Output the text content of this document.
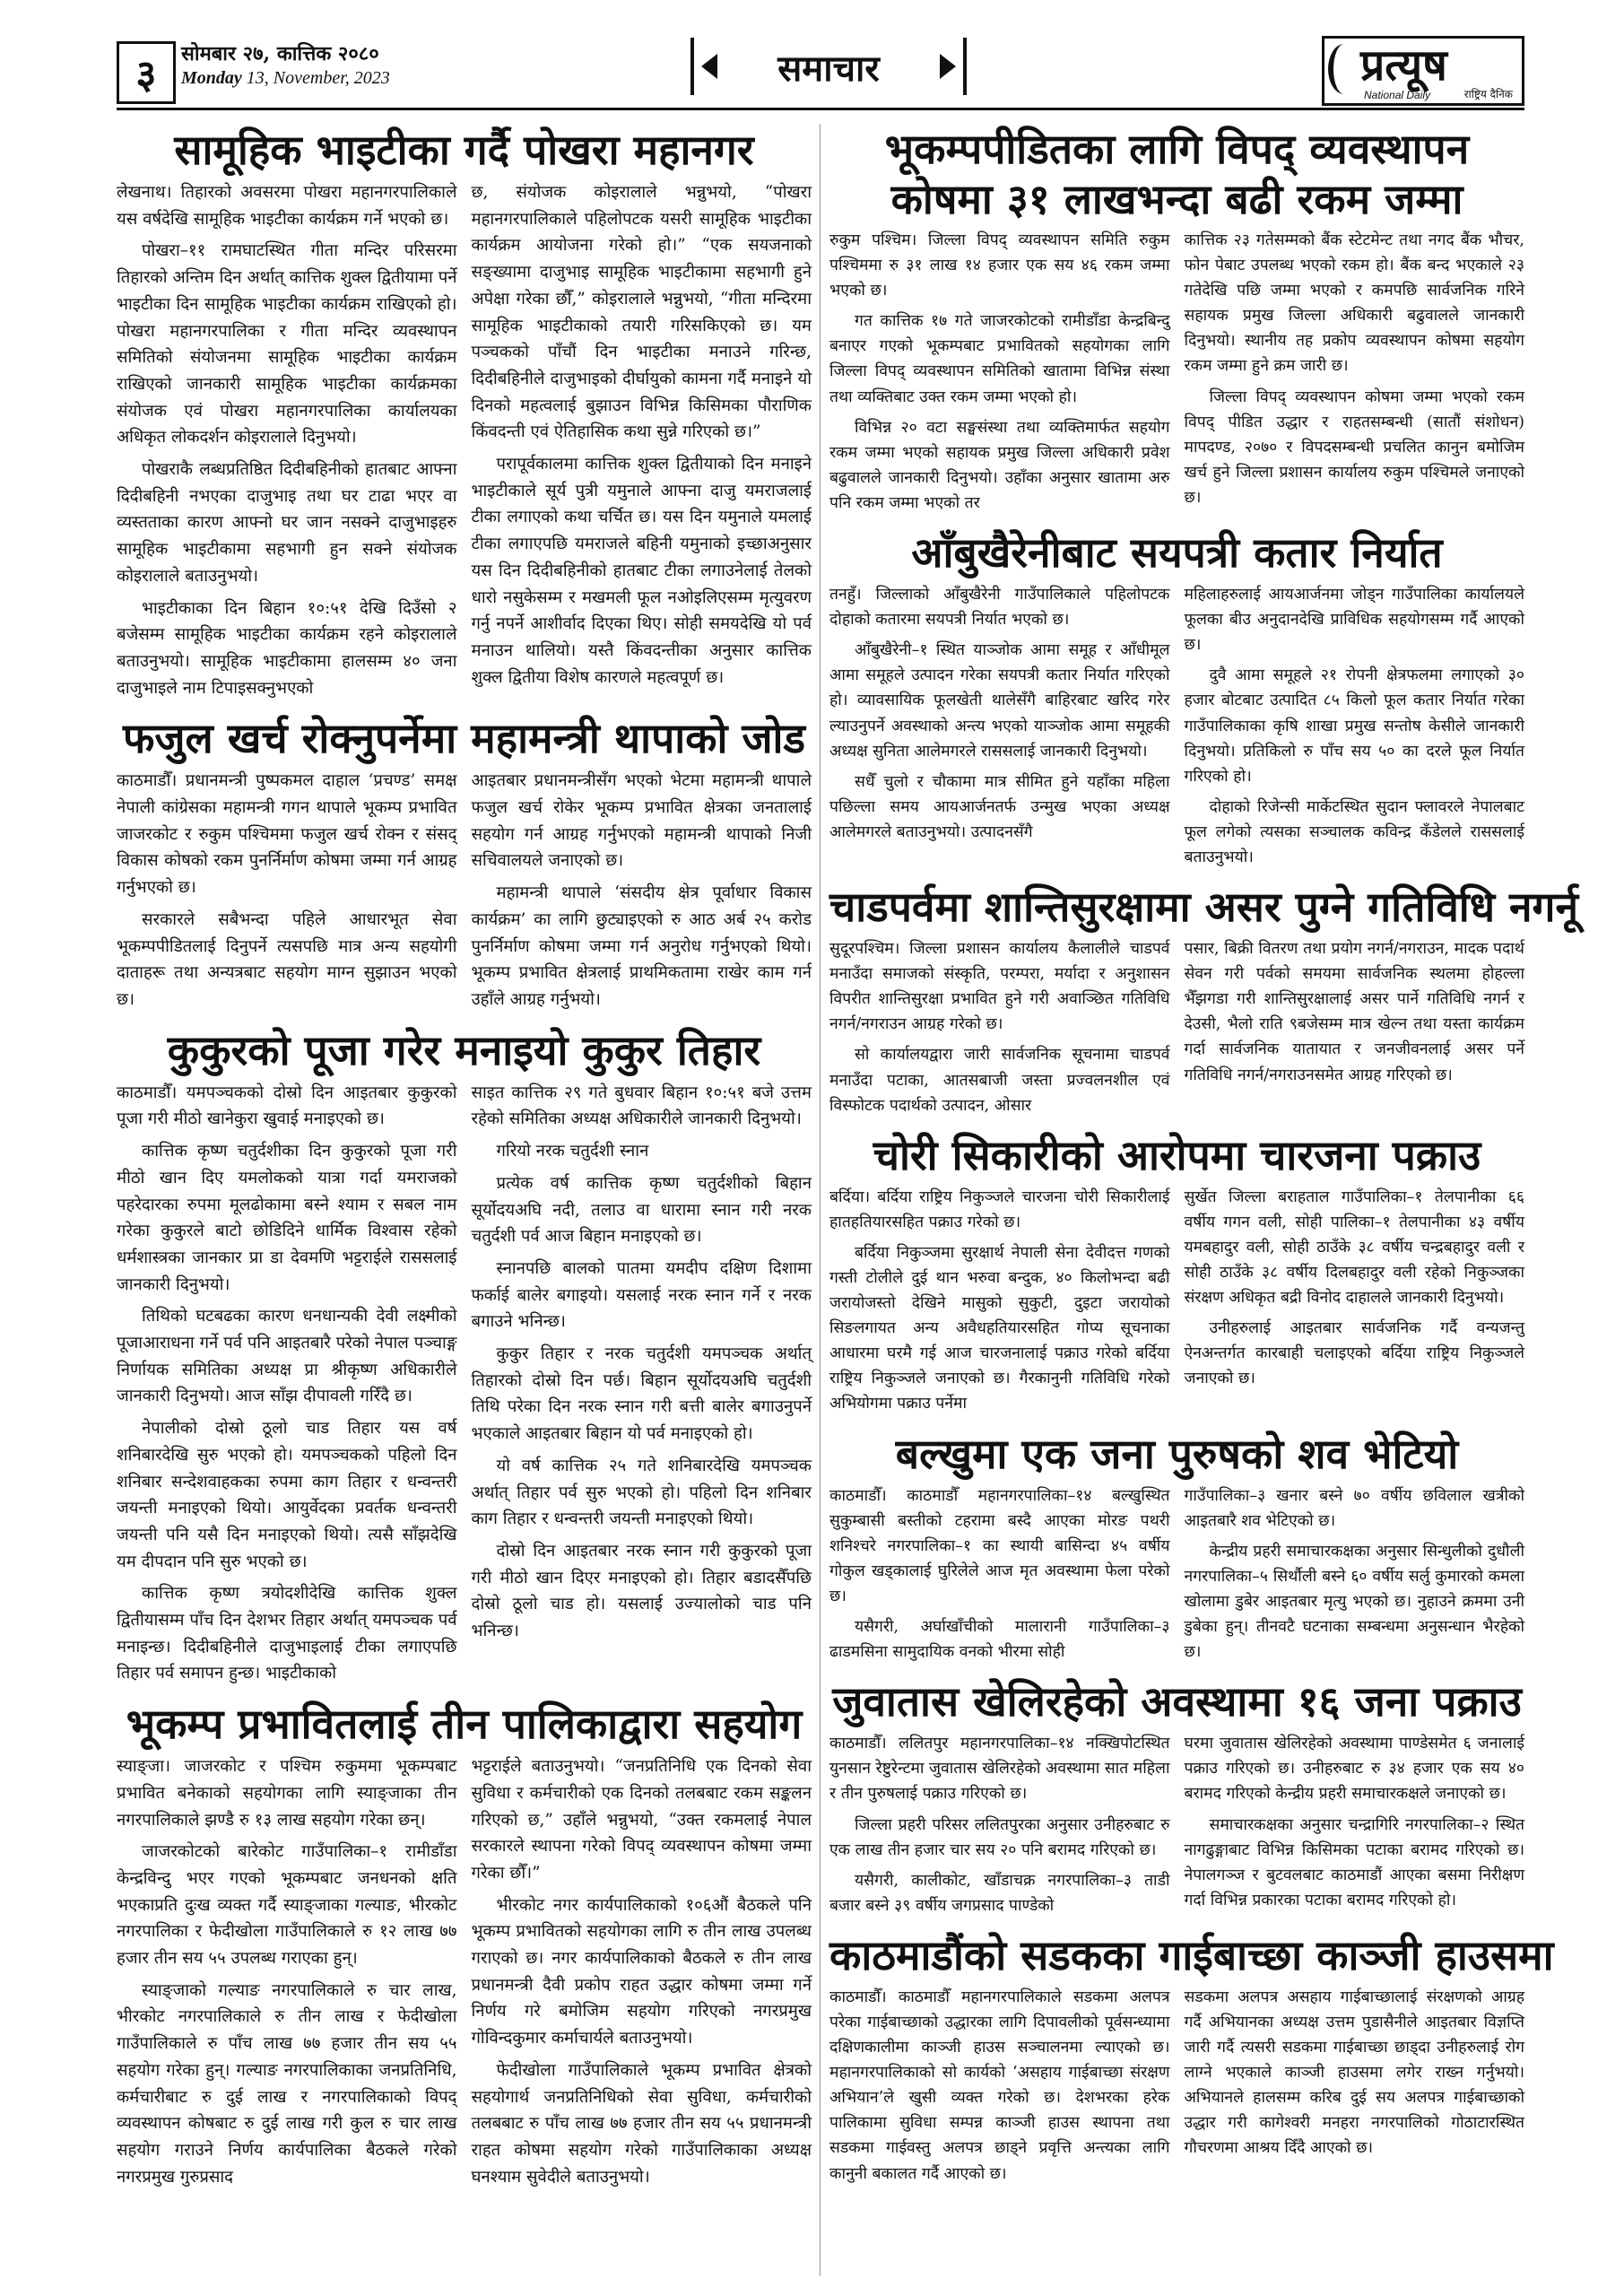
३	सोमबार २७, कात्तिक २०८०
Monday 13, November, 2023	समाचार	प्रत्यूष
National Daily	राष्ट्रिय दैनिक
सामूहिक भाइटीका गर्दै पोखरा महानगर

लेखनाथ। तिहारको अवसरमा पोखरा महानगरपालिकाले यस वर्षदेखि सामूहिक भाइटीका कार्यक्रम गर्ने भएको छ।

पोखरा–११ रामघाटस्थित गीता मन्दिर परिसरमा तिहारको अन्तिम दिन अर्थात् कात्तिक शुक्ल द्वितीयामा पर्ने भाइटीका दिन सामूहिक भाइटीका कार्यक्रम राखिएको हो। पोखरा महानगरपालिका र गीता मन्दिर व्यवस्थापन समितिको संयोजनमा सामूहिक भाइटीका कार्यक्रम राखिएको जानकारी सामूहिक भाइटीका कार्यक्रमका संयोजक एवं पोखरा महानगरपालिका कार्यालयका अधिकृत लोकदर्शन कोइरालाले दिनुभयो।

पोखराकै लब्धप्रतिष्ठित दिदीबहिनीको हातबाट आफ्ना दिदीबहिनी नभएका दाजुभाइ तथा घर टाढा भएर वा व्यस्तताका कारण आफ्नो घर जान नसक्ने दाजुभाइहरु सामूहिक भाइटीकामा सहभागी हुन सक्ने संयोजक कोइरालाले बताउनुभयो।

भाइटीकाका दिन बिहान १०:५१ देखि दिउँसो २ बजेसम्म सामूहिक भाइटीका कार्यक्रम रहने कोइरालाले बताउनुभयो। सामूहिक भाइटीकामा हालसम्म ४० जना दाजुभाइले नाम टिपाइसक्नुभएको

छ, संयोजक कोइरालाले भन्नुभयो, “पोखरा महानगरपालिकाले पहिलोपटक यसरी सामूहिक भाइटीका कार्यक्रम आयोजना गरेको हो।” “एक सयजनाको सङ्ख्यामा दाजुभाइ सामूहिक भाइटीकामा सहभागी हुने अपेक्षा गरेका छौँ,” कोइरालाले भन्नुभयो, “गीता मन्दिरमा सामूहिक भाइटीकाको तयारी गरिसकिएको छ। यम पञ्चकको पाँचौं दिन भाइटीका मनाउने गरिन्छ, दिदीबहिनीले दाजुभाइको दीर्घायुको कामना गर्दै मनाइने यो दिनको महत्वलाई बुझाउन विभिन्न किसिमका पौराणिक किंवदन्ती एवं ऐतिहासिक कथा सुन्ने गरिएको छ।”

परापूर्वकालमा कात्तिक शुक्ल द्वितीयाको दिन मनाइने भाइटीकाले सूर्य पुत्री यमुनाले आफ्ना दाजु यमराजलाई टीका लगाएको कथा चर्चित छ। यस दिन यमुनाले यमलाई टीका लगाएपछि यमराजले बहिनी यमुनाको इच्छाअनुसार यस दिन दिदीबहिनीको हातबाट टीका लगाउनेलाई तेलको धारो नसुकेसम्म र मखमली फूल नओइलिएसम्म मृत्युवरण गर्नु नपर्ने आशीर्वाद दिएका थिए। सोही समयदेखि यो पर्व मनाउन थालियो। यस्तै किंवदन्तीका अनुसार कात्तिक शुक्ल द्वितीया विशेष कारणले महत्वपूर्ण छ।

फजुल खर्च रोक्नुपर्नेमा महामन्त्री थापाको जोड

काठमाडौँ। प्रधानमन्त्री पुष्पकमल दाहाल ‘प्रचण्ड’ समक्ष नेपाली कांग्रेसका महामन्त्री गगन थापाले भूकम्प प्रभावित जाजरकोट र रुकुम पश्चिममा फजुल खर्च रोक्न र संसद् विकास कोषको रकम पुनर्निर्माण कोषमा जम्मा गर्न आग्रह गर्नुभएको छ।

सरकारले सबैभन्दा पहिले आधारभूत सेवा भूकम्पपीडितलाई दिनुपर्ने त्यसपछि मात्र अन्य सहयोगी दाताहरू तथा अन्यत्रबाट सहयोग माग्न सुझाउन भएको छ।

आइतबार प्रधानमन्त्रीसँग भएको भेटमा महामन्त्री थापाले फजुल खर्च रोकेर भूकम्प प्रभावित क्षेत्रका जनतालाई सहयोग गर्न आग्रह गर्नुभएको महामन्त्री थापाको निजी सचिवालयले जनाएको छ।

महामन्त्री थापाले ‘संसदीय क्षेत्र पूर्वाधार विकास कार्यक्रम’ का लागि छुट्याइएको रु आठ अर्ब २५ करोड पुनर्निर्माण कोषमा जम्मा गर्न अनुरोध गर्नुभएको थियो। भूकम्प प्रभावित क्षेत्रलाई प्राथमिकतामा राखेर काम गर्न उहाँले आग्रह गर्नुभयो।

कुकुरको पूजा गरेर मनाइयो कुकुर तिहार

काठमाडौँ। यमपञ्चकको दोस्रो दिन आइतबार कुकुरको पूजा गरी मीठो खानेकुरा खुवाई मनाइएको छ।

कात्तिक कृष्ण चतुर्दशीका दिन कुकुरको पूजा गरी मीठो खान दिए यमलोकको यात्रा गर्दा यमराजको पहरेदारका रुपमा मूलढोकामा बस्ने श्याम र सबल नाम गरेका कुकुरले बाटो छोडिदिने धार्मिक विश्वास रहेको धर्मशास्त्रका जानकार प्रा डा देवमणि भट्टराईले राससलाई जानकारी दिनुभयो।

तिथिको घटबढका कारण धनधान्यकी देवी लक्ष्मीको पूजाआराधना गर्ने पर्व पनि आइतबारै परेको नेपाल पञ्चाङ्ग निर्णायक समितिका अध्यक्ष प्रा श्रीकृष्ण अधिकारीले जानकारी दिनुभयो। आज साँझ दीपावली गरिँदै छ।

नेपालीको दोस्रो ठूलो चाड तिहार यस वर्ष शनिबारदेखि सुरु भएको हो। यमपञ्चकको पहिलो दिन शनिबार सन्देशवाहकका रुपमा काग तिहार र धन्वन्तरी जयन्ती मनाइएको थियो। आयुर्वेदका प्रवर्तक धन्वन्तरी जयन्ती पनि यसै दिन मनाइएको थियो। त्यसै साँझदेखि यम दीपदान पनि सुरु भएको छ।

कात्तिक कृष्ण त्रयोदशीदेखि कात्तिक शुक्ल द्वितीयासम्म पाँच दिन देशभर तिहार अर्थात् यमपञ्चक पर्व मनाइन्छ। दिदीबहिनीले दाजुभाइलाई टीका लगाएपछि तिहार पर्व समापन हुन्छ। भाइटीकाको

साइत कात्तिक २९ गते बुधवार बिहान १०:५१ बजे उत्तम रहेको समितिका अध्यक्ष अधिकारीले जानकारी दिनुभयो।

गरियो नरक चतुर्दशी स्नान

प्रत्येक वर्ष कात्तिक कृष्ण चतुर्दशीको बिहान सूर्योदयअघि नदी, तलाउ वा धारामा स्नान गरी नरक चतुर्दशी पर्व आज बिहान मनाइएको छ।

स्नानपछि बालको पातमा यमदीप दक्षिण दिशामा फर्काई बालेर बगाइयो। यसलाई नरक स्नान गर्ने र नरक बगाउने भनिन्छ।

कुकुर तिहार र नरक चतुर्दशी यमपञ्चक अर्थात् तिहारको दोस्रो दिन पर्छ। बिहान सूर्योदयअघि चतुर्दशी तिथि परेका दिन नरक स्नान गरी बत्ती बालेर बगाउनुपर्ने भएकाले आइतबार बिहान यो पर्व मनाइएको हो।

यो वर्ष कात्तिक २५ गते शनिबारदेखि यमपञ्चक अर्थात् तिहार पर्व सुरु भएको हो। पहिलो दिन शनिबार काग तिहार र धन्वन्तरी जयन्ती मनाइएको थियो।

दोस्रो दिन आइतबार नरक स्नान गरी कुकुरको पूजा गरी मीठो खान दिएर मनाइएको हो। तिहार बडादसैँपछि दोस्रो ठूलो चाड हो। यसलाई उज्यालोको चाड पनि भनिन्छ।

भूकम्प प्रभावितलाई तीन पालिकाद्वारा सहयोग

स्याङ्जा। जाजरकोट र पश्चिम रुकुममा भूकम्पबाट प्रभावित बनेकाको सहयोगका लागि स्याङ्जाका तीन नगरपालिकाले झण्डै रु १३ लाख सहयोग गरेका छन्।

जाजरकोटको बारेकोट गाउँपालिका–१ रामीडाँडा केन्द्रविन्दु भएर गएको भूकम्पबाट जनधनको क्षति भएकाप्रति दुःख व्यक्त गर्दै स्याङ्जाका गल्याङ, भीरकोट नगरपालिका र फेदीखोला गाउँपालिकाले रु १२ लाख ७७ हजार तीन सय ५५ उपलब्ध गराएका हुन्।

स्याङ्जाको गल्याङ नगरपालिकाले रु चार लाख, भीरकोट नगरपालिकाले रु तीन लाख र फेदीखोला गाउँपालिकाले रु पाँच लाख ७७ हजार तीन सय ५५ सहयोग गरेका हुन्। गल्याङ नगरपालिकाका जनप्रतिनिधि, कर्मचारीबाट रु दुई लाख र नगरपालिकाको विपद् व्यवस्थापन कोषबाट रु दुई लाख गरी कुल रु चार लाख सहयोग गराउने निर्णय कार्यपालिका बैठकले गरेको नगरप्रमुख गुरुप्रसाद

भट्टराईले बताउनुभयो। “जनप्रतिनिधि एक दिनको सेवा सुविधा र कर्मचारीको एक दिनको तलबबाट रकम सङ्कलन गरिएको छ,” उहाँले भन्नुभयो, “उक्त रकमलाई नेपाल सरकारले स्थापना गरेको विपद् व्यवस्थापन कोषमा जम्मा गरेका छौँ।”

भीरकोट नगर कार्यपालिकाको १०६औं बैठकले पनि भूकम्प प्रभावितको सहयोगका लागि रु तीन लाख उपलब्ध गराएको छ। नगर कार्यपालिकाको बैठकले रु तीन लाख प्रधानमन्त्री दैवी प्रकोप राहत उद्धार कोषमा जम्मा गर्ने निर्णय गरे बमोजिम सहयोग गरिएको नगरप्रमुख गोविन्दकुमार कर्माचार्यले बताउनुभयो।

फेदीखोला गाउँपालिकाले भूकम्प प्रभावित क्षेत्रको सहयोगार्थ जनप्रतिनिधिको सेवा सुविधा, कर्मचारीको तलबबाट रु पाँच लाख ७७ हजार तीन सय ५५ प्रधानमन्त्री राहत कोषमा सहयोग गरेको गाउँपालिकाका अध्यक्ष घनश्याम सुवेदीले बताउनुभयो।

भूकम्पपीडितका लागि विपद् व्यवस्थापन कोषमा ३१ लाखभन्दा बढी रकम जम्मा

रुकुम पश्चिम। जिल्ला विपद् व्यवस्थापन समिति रुकुम पश्चिममा रु ३१ लाख १४ हजार एक सय ४६ रकम जम्मा भएको छ।

गत कात्तिक १७ गते जाजरकोटको रामीडाँडा केन्द्रबिन्दु बनाएर गएको भूकम्पबाट प्रभावितको सहयोगका लागि जिल्ला विपद् व्यवस्थापन समितिको खातामा विभिन्न संस्था तथा व्यक्तिबाट उक्त रकम जम्मा भएको हो।

विभिन्न २० वटा सङ्घसंस्था तथा व्यक्तिमार्फत सहयोग रकम जम्मा भएको सहायक प्रमुख जिल्ला अधिकारी प्रवेश बढुवालले जानकारी दिनुभयो। उहाँका अनुसार खातामा अरु पनि रकम जम्मा भएको तर

कात्तिक २३ गतेसम्मको बैंक स्टेटमेन्ट तथा नगद बैंक भौचर, फोन पेबाट उपलब्ध भएको रकम हो। बैंक बन्द भएकाले २३ गतेदेखि पछि जम्मा भएको र कमपछि सार्वजनिक गरिने सहायक प्रमुख जिल्ला अधिकारी बढुवालले जानकारी दिनुभयो। स्थानीय तह प्रकोप व्यवस्थापन कोषमा सहयोग रकम जम्मा हुने क्रम जारी छ।

जिल्ला विपद् व्यवस्थापन कोषमा जम्मा भएको रकम विपद् पीडित उद्धार र राहतसम्बन्धी (सातौं संशोधन) मापदण्ड, २०७० र विपदसम्बन्धी प्रचलित कानुन बमोजिम खर्च हुने जिल्ला प्रशासन कार्यालय रुकुम पश्चिमले जनाएको छ।

आँबुखैरेनीबाट सयपत्री कतार निर्यात

तनहुँ। जिल्लाको आँबुखैरेनी गाउँपालिकाले पहिलोपटक दोहाको कतारमा सयपत्री निर्यात भएको छ।

आँबुखैरेनी–१ स्थित याञ्जोक आमा समूह र आँधीमूल आमा समूहले उत्पादन गरेका सयपत्री कतार निर्यात गरिएको हो। व्यावसायिक फूलखेती थालेसँगै बाहिरबाट खरिद गरेर ल्याउनुपर्ने अवस्थाको अन्त्य भएको याञ्जोक आमा समूहकी अध्यक्ष सुनिता आलेमगरले राससलाई जानकारी दिनुभयो।

सधैँ चुलो र चौकामा मात्र सीमित हुने यहाँका महिला पछिल्ला समय आयआर्जनतर्फ उन्मुख भएका अध्यक्ष आलेमगरले बताउनुभयो। उत्पादनसँगै

महिलाहरुलाई आयआर्जनमा जोड्न गाउँपालिका कार्यालयले फूलका बीउ अनुदानदेखि प्राविधिक सहयोगसम्म गर्दै आएको छ।

दुवै आमा समूहले २१ रोपनी क्षेत्रफलमा लगाएको ३० हजार बोटबाट उत्पादित ८५ किलो फूल कतार निर्यात गरेका गाउँपालिकाका कृषि शाखा प्रमुख सन्तोष केसीले जानकारी दिनुभयो। प्रतिकिलो रु पाँच सय ५० का दरले फूल निर्यात गरिएको हो।

दोहाको रिजेन्सी मार्केटस्थित सुदान फ्लावरले नेपालबाट फूल लगेको त्यसका सञ्चालक कविन्द्र कँडेलले राससलाई बताउनुभयो।

चाडपर्वमा शान्तिसुरक्षामा असर पुग्ने गतिविधि नगर्नू

सुदूरपश्चिम। जिल्ला प्रशासन कार्यालय कैलालीले चाडपर्व मनाउँदा समाजको संस्कृति, परम्परा, मर्यादा र अनुशासन विपरीत शान्तिसुरक्षा प्रभावित हुने गरी अवाञ्छित गतिविधि नगर्न/नगराउन आग्रह गरेको छ।

सो कार्यालयद्वारा जारी सार्वजनिक सूचनामा चाडपर्व मनाउँदा पटाका, आतसबाजी जस्ता प्रज्वलनशील एवं विस्फोटक पदार्थको उत्पादन, ओसार

पसार, बिक्री वितरण तथा प्रयोग नगर्न/नगराउन, मादक पदार्थ सेवन गरी पर्वको समयमा सार्वजनिक स्थलमा होहल्ला भैँझगडा गरी शान्तिसुरक्षालाई असर पार्ने गतिविधि नगर्न र देउसी, भैलो राति ९बजेसम्म मात्र खेल्न तथा यस्ता कार्यक्रम गर्दा सार्वजनिक यातायात र जनजीवनलाई असर पर्ने गतिविधि नगर्न/नगराउनसमेत आग्रह गरिएको छ।

चोरी सिकारीको आरोपमा चारजना पक्राउ

बर्दिया। बर्दिया राष्ट्रिय निकुञ्जले चारजना चोरी सिकारीलाई हातहतियारसहित पक्राउ गरेको छ।

बर्दिया निकुञ्जमा सुरक्षार्थ नेपाली सेना देवीदत्त गणको गस्ती टोलीले दुई थान भरुवा बन्दुक, ४० किलोभन्दा बढी जरायोजस्तो देखिने मासुको सुकुटी, दुइटा जरायोको सिङलगायत अन्य अवैधहतियारसहित गोप्य सूचनाका आधारमा घरमै गई आज चारजनालाई पक्राउ गरेको बर्दिया राष्ट्रिय निकुञ्जले जनाएको छ। गैरकानुनी गतिविधि गरेको अभियोगमा पक्राउ पर्नेमा

सुर्खेत जिल्ला बराहताल गाउँपालिका–१ तेलपानीका ६६ वर्षीय गगन वली, सोही पालिका–१ तेलपानीका ४३ वर्षीय यमबहादुर वली, सोही ठाउँके ३८ वर्षीय चन्द्रबहादुर वली र सोही ठाउँके ३८ वर्षीय दिलबहादुर वली रहेको निकुञ्जका संरक्षण अधिकृत बद्री विनोद दाहालले जानकारी दिनुभयो।

उनीहरुलाई आइतबार सार्वजनिक गर्दै वन्यजन्तु ऐनअन्तर्गत कारबाही चलाइएको बर्दिया राष्ट्रिय निकुञ्जले जनाएको छ।

बल्खुमा एक जना पुरुषको शव भेटियो

काठमाडौँ। काठमाडौँ महानगरपालिका–१४ बल्खुस्थित सुकुम्बासी बस्तीको टहरामा बस्दै आएका मोरङ पथरी शनिश्चरे नगरपालिका–१ का स्थायी बासिन्दा ४५ वर्षीय गोकुल खड्कालाई घुरिलेले आज मृत अवस्थामा फेला परेको छ।

यसैगरी, अर्घाखाँचीको मालारानी गाउँपालिका–३ ढाडमसिना सामुदायिक वनको भीरमा सोही

गाउँपालिका–३ खनार बस्ने ७० वर्षीय छविलाल खत्रीको आइतबारै शव भेटिएको छ।

केन्द्रीय प्रहरी समाचारकक्षका अनुसार सिन्धुलीको दुधौली नगरपालिका–५ सिर्थौली बस्ने ६० वर्षीय सर्लु कुमारको कमला खोलामा डुबेर आइतबार मृत्यु भएको छ। नुहाउने क्रममा उनी डुबेका हुन्। तीनवटै घटनाका सम्बन्धमा अनुसन्धान भैरहेको छ।

जुवातास खेलिरहेको अवस्थामा १६ जना पक्राउ

काठमाडौँ। ललितपुर महानगरपालिका–१४ नक्खिपोटस्थित युनसान रेष्टुरेन्टमा जुवातास खेलिरहेको अवस्थामा सात महिला र तीन पुरुषलाई पक्राउ गरिएको छ।

जिल्ला प्रहरी परिसर ललितपुरका अनुसार उनीहरुबाट रु एक लाख तीन हजार चार सय २० पनि बरामद गरिएको छ।

यसैगरी, कालीकोट, खाँडाचक्र नगरपालिका–३ ताडी बजार बस्ने ३९ वर्षीय जगप्रसाद पाण्डेको

घरमा जुवातास खेलिरहेको अवस्थामा पाण्डेसमेत ६ जनालाई पक्राउ गरिएको छ। उनीहरुबाट रु ३४ हजार एक सय ४० बरामद गरिएको केन्द्रीय प्रहरी समाचारकक्षले जनाएको छ।

समाचारकक्षका अनुसार चन्द्रागिरि नगरपालिका–२ स्थित नागढुङ्गाबाट विभिन्न किसिमका पटाका बरामद गरिएको छ। नेपालगञ्ज र बुटवलबाट काठमाडौं आएका बसमा निरीक्षण गर्दा विभिन्न प्रकारका पटाका बरामद गरिएको हो।

काठमाडौंको सडकका गाईबाच्छा काञ्जी हाउसमा

काठमाडौँ। काठमाडौँ महानगरपालिकाले सडकमा अलपत्र परेका गाईबाच्छाको उद्धारका लागि दिपावलीको पूर्वसन्ध्यामा दक्षिणकालीमा काञ्जी हाउस सञ्चालनमा ल्याएको छ। महानगरपालिकाको सो कार्यको ‘असहाय गाईबाच्छा संरक्षण अभियान’ले खुसी व्यक्त गरेको छ। देशभरका हरेक पालिकामा सुविधा सम्पन्न काञ्जी हाउस स्थापना तथा सडकमा गाईवस्तु अलपत्र छाड्ने प्रवृत्ति अन्त्यका लागि कानुनी बकालत गर्दै आएको छ।

सडकमा अलपत्र असहाय गाईबाच्छालाई संरक्षणको आग्रह गर्दै अभियानका अध्यक्ष उत्तम पुडासैनीले आइतबार विज्ञप्ति जारी गर्दै त्यसरी सडकमा गाईबाच्छा छाड्दा उनीहरुलाई रोग लाग्ने भएकाले काञ्जी हाउसमा लगेर राख्न गर्नुभयो। अभियानले हालसम्म करिब दुई सय अलपत्र गाईबाच्छाको उद्धार गरी कागेश्वरी मनहरा नगरपालिको गोठाटारस्थित गौचरणमा आश्रय दिँदै आएको छ।
